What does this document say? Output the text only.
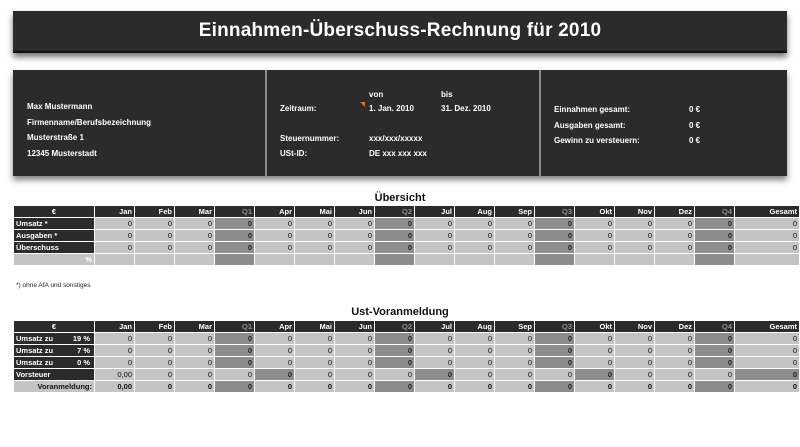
Einnahmen-Überschuss-Rechnung für 2010
Max Mustermann
Firmenname/Berufsbezeichnung
Musterstraße 1
12345 Musterstadt
von	bis
Zeitraum:	1. Jan. 2010	31. Dez. 2010
Steuernummer:	xxx/xxx/xxxxx
USt-ID:	DE xxx xxx xxx
Einnahmen gesamt:	0 €
Ausgaben gesamt:	0 €
Gewinn zu versteuern:	0 €
Übersicht
€	Jan	Feb	Mar	Q1	Apr	Mai	Jun	Q2	Jul	Aug	Sep	Q3	Okt	Nov	Dez	Q4	Gesamt
Umsatz *	0	0	0	0	0	0	0	0	0	0	0	0	0	0	0	0	0
Ausgaben *	0	0	0	0	0	0	0	0	0	0	0	0	0	0	0	0	0
Überschuss	0	0	0	0	0	0	0	0	0	0	0	0	0	0	0	0	0
%																	
*) ohne AfA und sonstiges
Ust-Voranmeldung
€	Jan	Feb	Mar	Q1	Apr	Mai	Jun	Q2	Jul	Aug	Sep	Q3	Okt	Nov	Dez	Q4	Gesamt
Umsatz zu 19 %	0	0	0	0	0	0	0	0	0	0	0	0	0	0	0	0	0
Umsatz zu 7 %	0	0	0	0	0	0	0	0	0	0	0	0	0	0	0	0	0
Umsatz zu 0 %	0	0	0	0	0	0	0	0	0	0	0	0	0	0	0	0	0
Vorsteuer	0,00	0	0	0	0	0	0	0	0	0	0	0	0	0	0	0	0
Voranmeldung:	0,00	0	0	0	0	0	0	0	0	0	0	0	0	0	0	0	0
